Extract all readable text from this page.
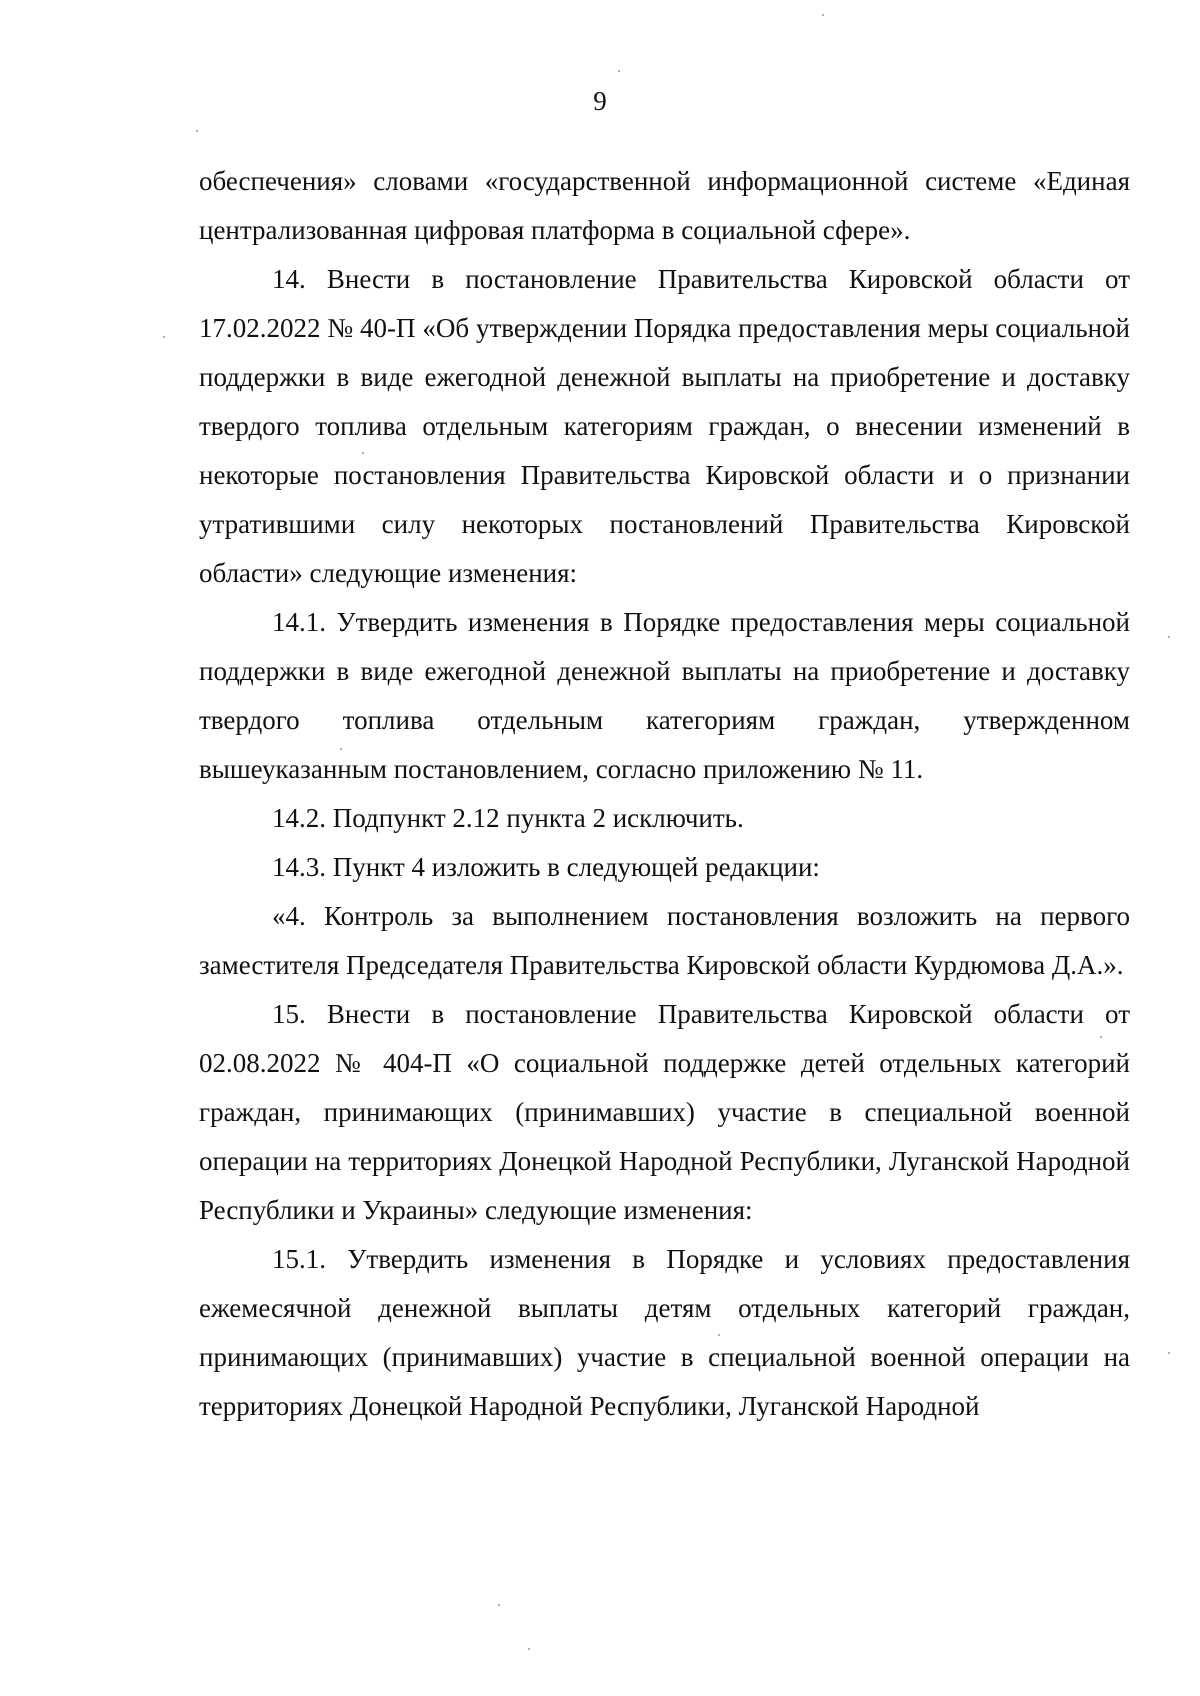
9

обеспечения» словами «государственной информационной системе «Единая централизованная цифровая платформа в социальной сфере».

14. Внести в постановление Правительства Кировской области от 17.02.2022 № 40-П «Об утверждении Порядка предоставления меры социальной поддержки в виде ежегодной денежной выплаты на приобретение и доставку твердого топлива отдельным категориям граждан, о внесении изменений в некоторые постановления Правительства Кировской области и о признании утратившими силу некоторых постановлений Правительства Кировской области» следующие изменения:

14.1. Утвердить изменения в Порядке предоставления меры социальной поддержки в виде ежегодной денежной выплаты на приобретение и доставку твердого топлива отдельным категориям граждан, утвержденном вышеуказанным постановлением, согласно приложению № 11.

14.2. Подпункт 2.12 пункта 2 исключить.

14.3. Пункт 4 изложить в следующей редакции:

«4. Контроль за выполнением постановления возложить на первого заместителя Председателя Правительства Кировской области Курдюмова Д.А.».

15. Внести в постановление Правительства Кировской области от 02.08.2022 № 404-П «О социальной поддержке детей отдельных категорий граждан, принимающих (принимавших) участие в специальной военной операции на территориях Донецкой Народной Республики, Луганской Народной Республики и Украины» следующие изменения:

15.1. Утвердить изменения в Порядке и условиях предоставления ежемесячной денежной выплаты детям отдельных категорий граждан, принимающих (принимавших) участие в специальной военной операции на территориях Донецкой Народной Республики, Луганской Народной
